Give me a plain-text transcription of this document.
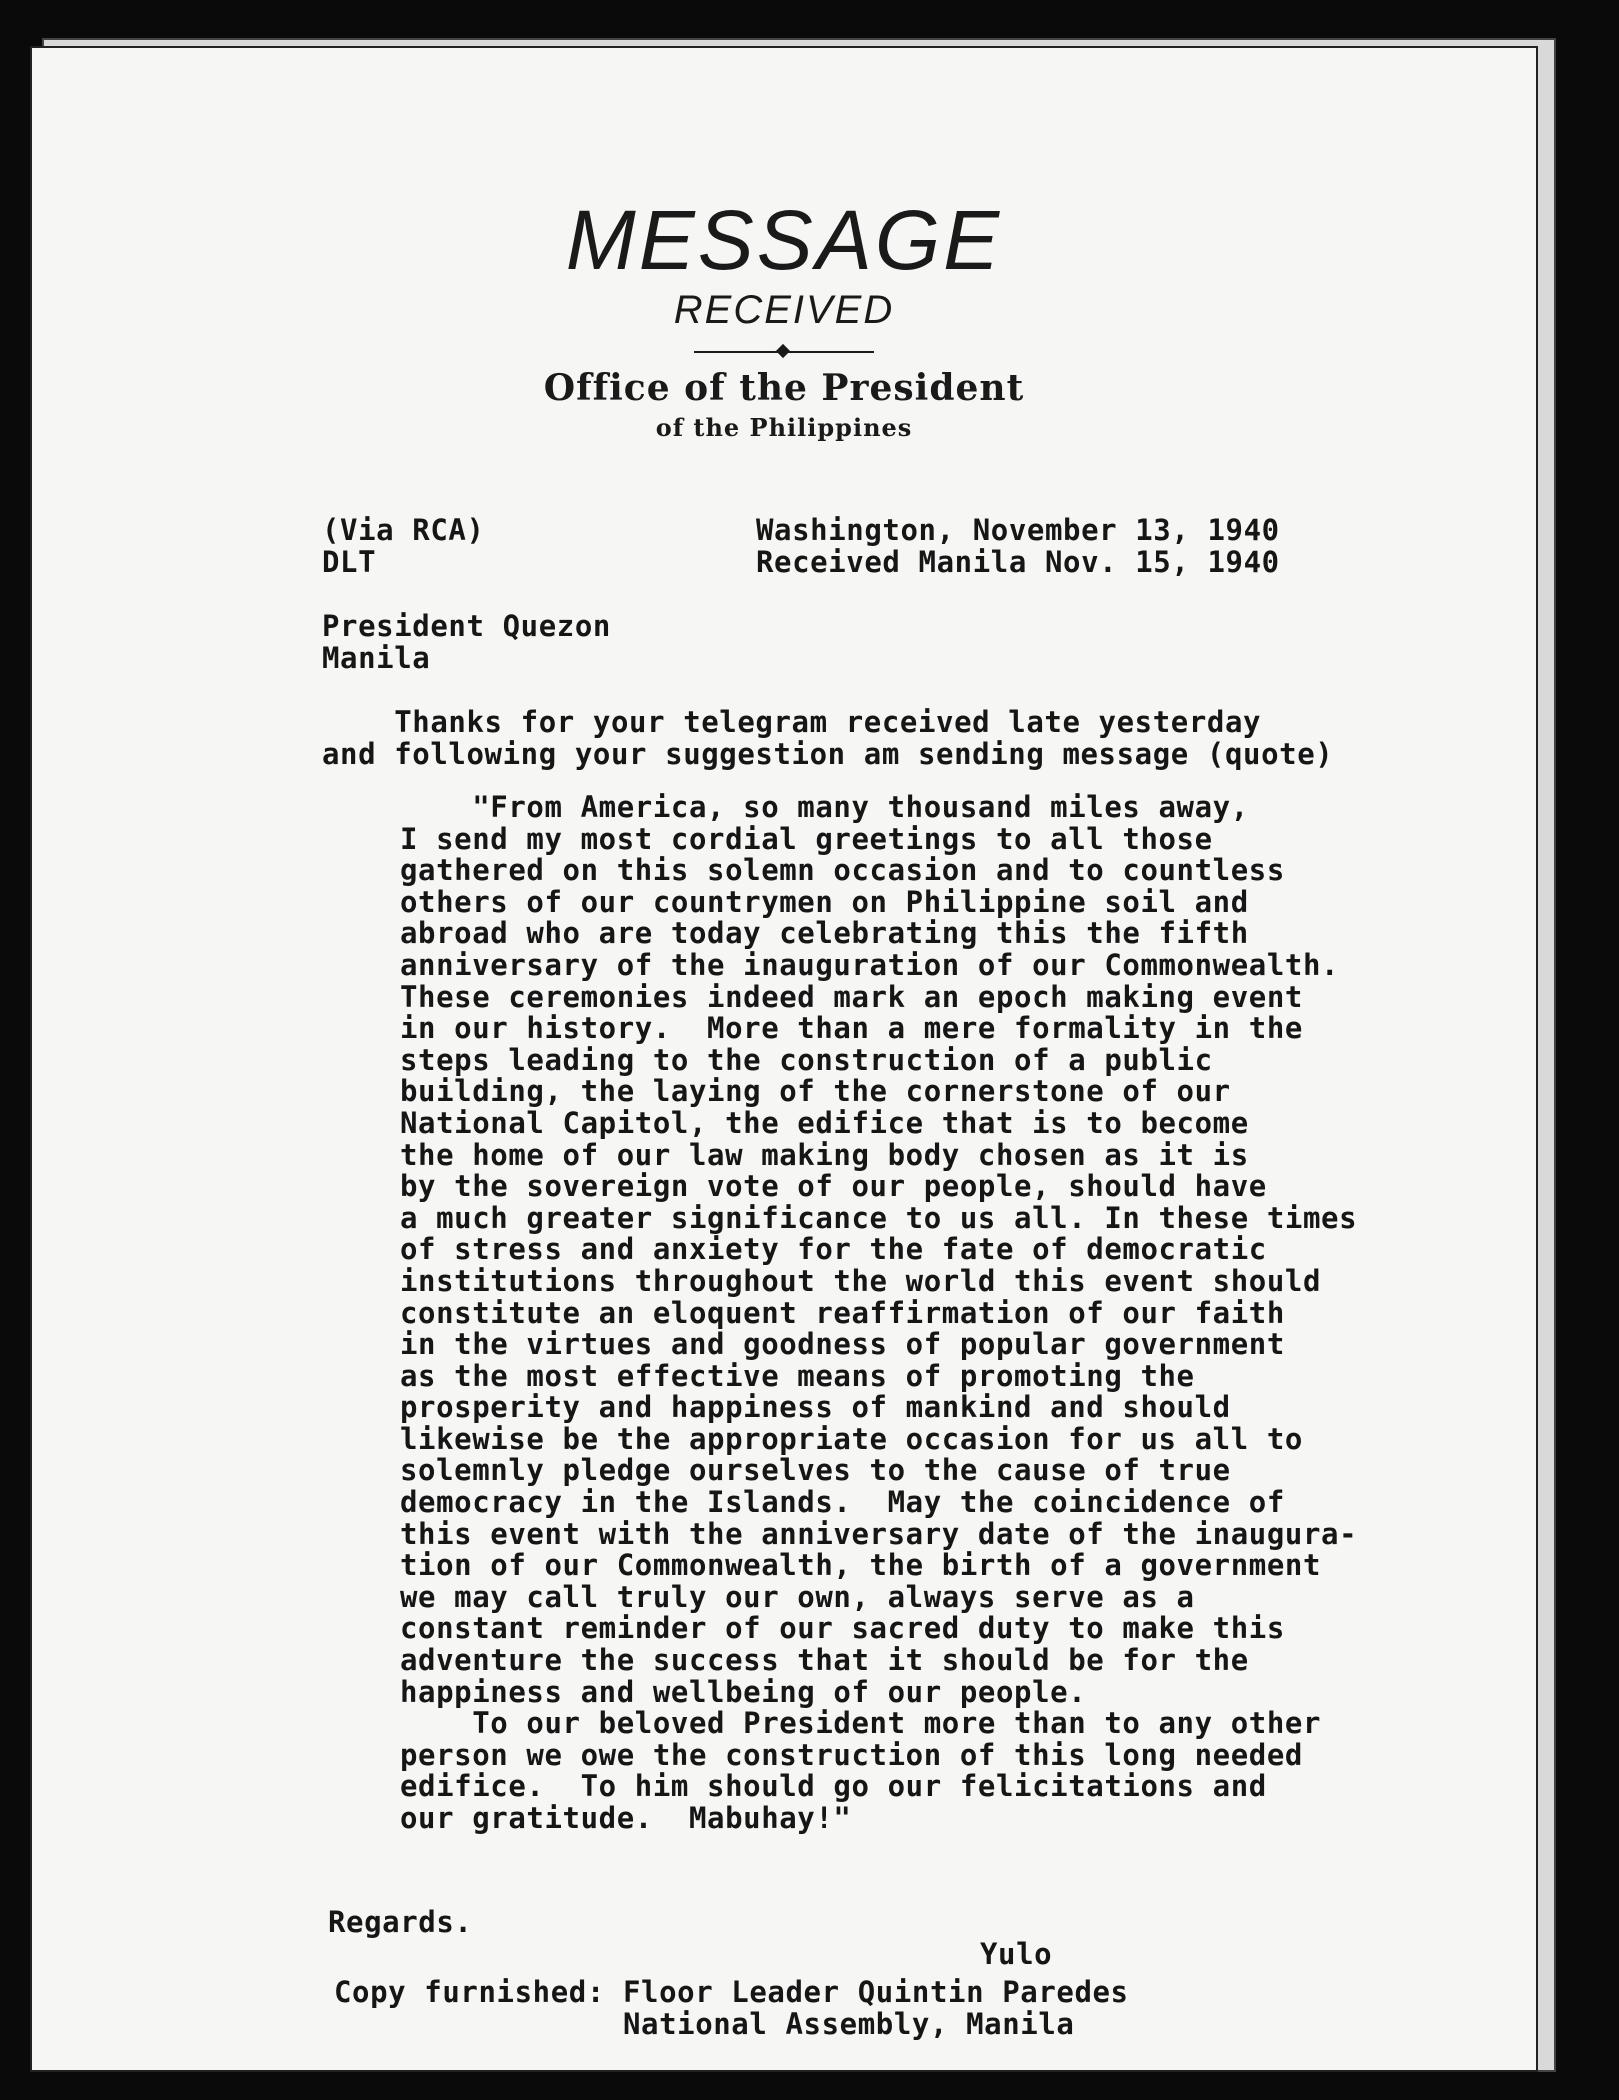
MESSAGE
RECEIVED
Office of the President
of the Philippines
(Via RCA)
DLT
Washington, November 13, 1940
Received Manila Nov. 15, 1940
President Quezon
Manila
Thanks for your telegram received late yesterday
and following your suggestion am sending message (quote)
"From America, so many thousand miles away,
I send my most cordial greetings to all those
gathered on this solemn occasion and to countless
others of our countrymen on Philippine soil and
abroad who are today celebrating this the fifth
anniversary of the inauguration of our Commonwealth.
These ceremonies indeed mark an epoch making event
in our history.  More than a mere formality in the
steps leading to the construction of a public
building, the laying of the cornerstone of our
National Capitol, the edifice that is to become
the home of our law making body chosen as it is
by the sovereign vote of our people, should have
a much greater significance to us all. In these times
of stress and anxiety for the fate of democratic
institutions throughout the world this event should
constitute an eloquent reaffirmation of our faith
in the virtues and goodness of popular government
as the most effective means of promoting the
prosperity and happiness of mankind and should
likewise be the appropriate occasion for us all to
solemnly pledge ourselves to the cause of true
democracy in the Islands.  May the coincidence of
this event with the anniversary date of the inaugura-
tion of our Commonwealth, the birth of a government
we may call truly our own, always serve as a
constant reminder of our sacred duty to make this
adventure the success that it should be for the
happiness and wellbeing of our people.
To our beloved President more than to any other
person we owe the construction of this long needed
edifice.  To him should go our felicitations and
our gratitude.  Mabuhay!"
Regards.
Yulo
Copy furnished: Floor Leader Quintin Paredes
National Assembly, Manila
